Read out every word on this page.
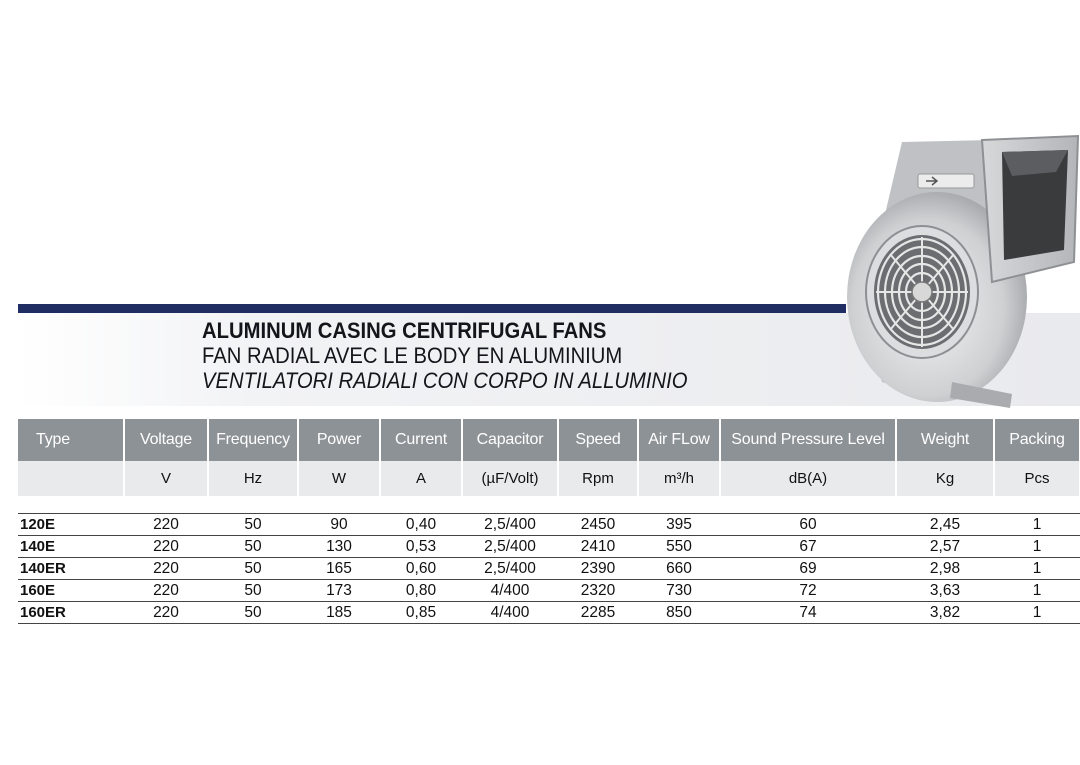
ALUMINUM CASING CENTRIFUGAL FANS
FAN RADIAL AVEC LE BODY EN ALUMINIUM
VENTILATORI RADIALI CON CORPO IN ALLUMINIO
Type	Voltage	Frequency	Power	Current	Capacitor	Speed	Air FLow	Sound Pressure Level	Weight	Packing
	V	Hz	W	A	(µF/Volt)	Rpm	m³/h	dB(A)	Kg	Pcs

120E	220	50	90	0,40	2,5/400	2450	395	60	2,45	1
140E	220	50	130	0,53	2,5/400	2410	550	67	2,57	1
140ER	220	50	165	0,60	2,5/400	2390	660	69	2,98	1
160E	220	50	173	0,80	4/400	2320	730	72	3,63	1
160ER	220	50	185	0,85	4/400	2285	850	74	3,82	1
